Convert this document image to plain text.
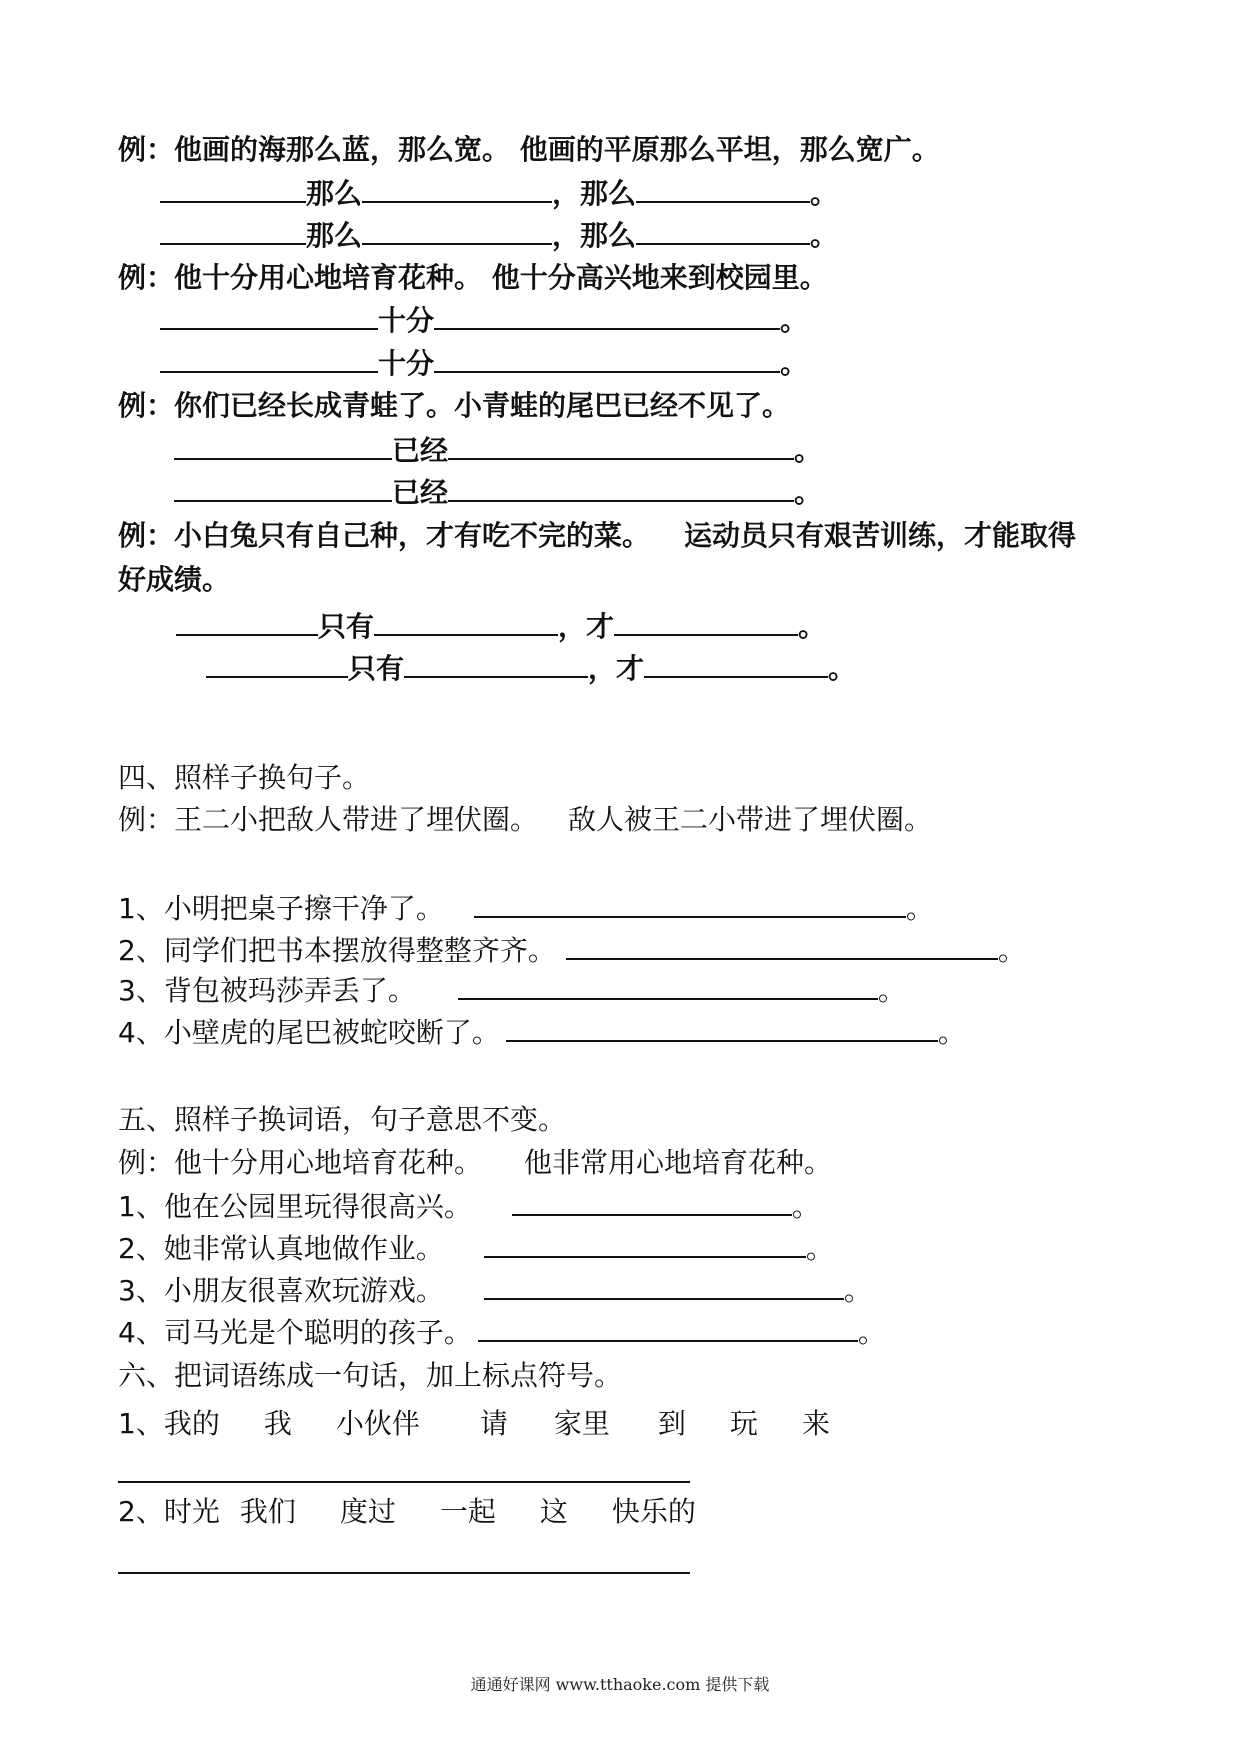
例：他画的海那么蓝，那么宽。 他画的平原那么平坦，那么宽广。
那么	，那么	。
那么	，那么	。
例：他十分用心地培育花种。 他十分高兴地来到校园里。
十分	。
十分	。
例：你们已经长成青蛙了。小青蛙的尾巴已经不见了。
已经	。
已经	。
例：小白兔只有自己种，才有吃不完的菜。 运动员只有艰苦训练，才能取得
好成绩。
只有	，才	。
只有	，才	。
四、照样子换句子。
例：王二小把敌人带进了埋伏圈。 敌人被王二小带进了埋伏圈。
1、小明把桌子擦干净了。	。
2、同学们把书本摆放得整整齐齐。	。
3、背包被玛莎弄丢了。	。
4、小壁虎的尾巴被蛇咬断了。	。
五、照样子换词语，句子意思不变。
例：他十分用心地培育花种。 他非常用心地培育花种。
1、他在公园里玩得很高兴。	。
2、她非常认真地做作业。	。
3、小朋友很喜欢玩游戏。	。
4、司马光是个聪明的孩子。	。
六、把词语练成一句话，加上标点符号。
1、我的 我 小伙伴 请 家里 到 玩 来
2、时光 我们 度过 一起 这 快乐的
通通好课网 www.tthaoke.com 提供下载
